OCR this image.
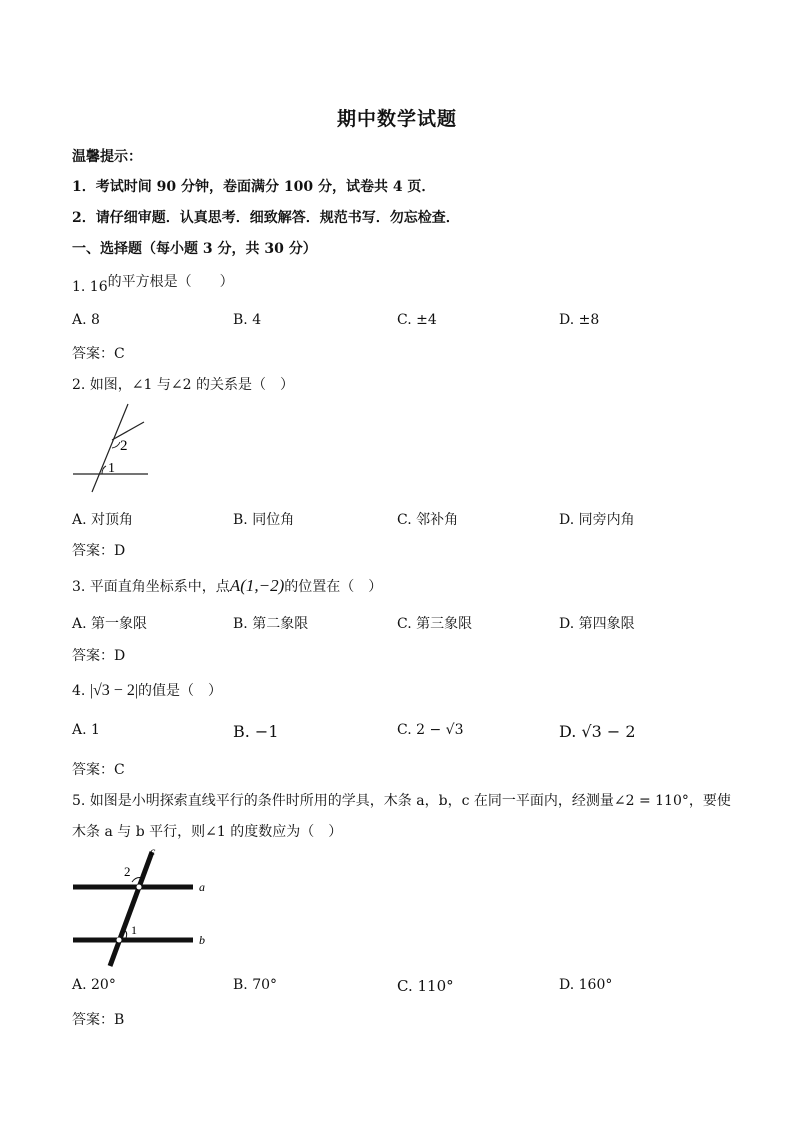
期中数学试题
温馨提示：
1．考试时间 90 分钟，卷面满分 100 分，试卷共 4 页．
2．请仔细审题．认真思考．细致解答．规范书写．勿忘检查．
一、选择题（每小题 3 分，共 30 分）
1. 16的平方根是（　　）
A. 8	B. 4	C. ±4	D. ±8
答案：C
2. 如图，∠1 与∠2 的关系是（　）
2
1
A. 对顶角	B. 同位角	C. 邻补角	D. 同旁内角
答案：D
3. 平面直角坐标系中，点A(1,−2)的位置在（　）
A. 第一象限	B. 第二象限	C. 第三象限	D. 第四象限
答案：D
4. |√3 − 2|的值是（　）
A. 1	B. −1	C. 2 − √3	D. √3 − 2
答案：C
5. 如图是小明探索直线平行的条件时所用的学具，木条 a，b，c 在同一平面内，经测量∠2 = 110°，要使
木条 a 与 b 平行，则∠1 的度数应为（　）
c
2
a
1
b
A. 20°	B. 70°	C. 110°	D. 160°
答案：B
